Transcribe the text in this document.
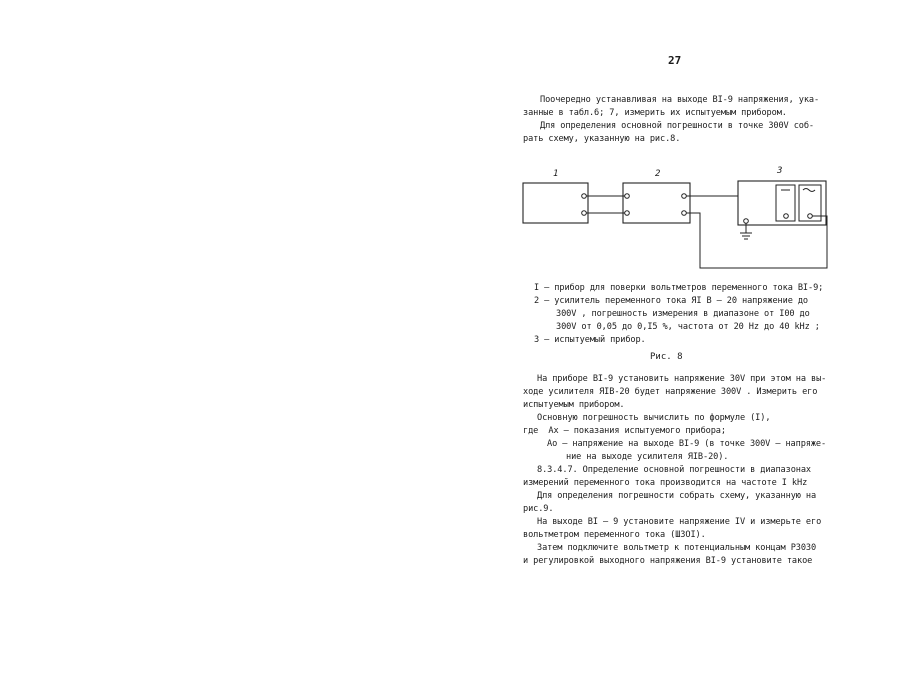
27
Поочередно устанавливая на выходе BI-9 напряжения, ука-
занные в табл.6; 7, измерить их испытуемым прибором.
Для определения основной погрешности в точке 300V соб-
рать схему, указанную на рис.8.
1	2	3
I – прибор для поверки вольтметров переменного тока BI-9;
2 – усилитель переменного тока ЯI B – 20 напряжение до
300V , погрешность измерения в диапазоне от I00 до
300V от 0,05 до 0,I5 %, частота от 20 Hz до 40 kHz ;
3 – испытуемый прибор.
Рис. 8
На приборе BI-9 установить напряжение 30V при этом на вы-
ходе усилителя ЯIB-20 будет напряжение 300V . Измерить его
испытуемым прибором.
Основную погрешность вычислить по формуле (I),
где  Aх – показания испытуемого прибора;
Aо – напряжение на выходе BI-9 (в точке 300V – напряже-
ние на выходе усилителя ЯIB-20).
8.3.4.7. Определение основной погрешности в диапазонах
измерений переменного тока производится на частоте I kHz
Для определения погрешности собрать схему, указанную на
рис.9.
На выходе BI – 9 установите напряжение IV и измерьте его
вольтметром переменного тока (ШЗОI).
Затем подключите вольтметр к потенциальным концам P3030
и регулировкой выходного напряжения BI-9 установите такое
